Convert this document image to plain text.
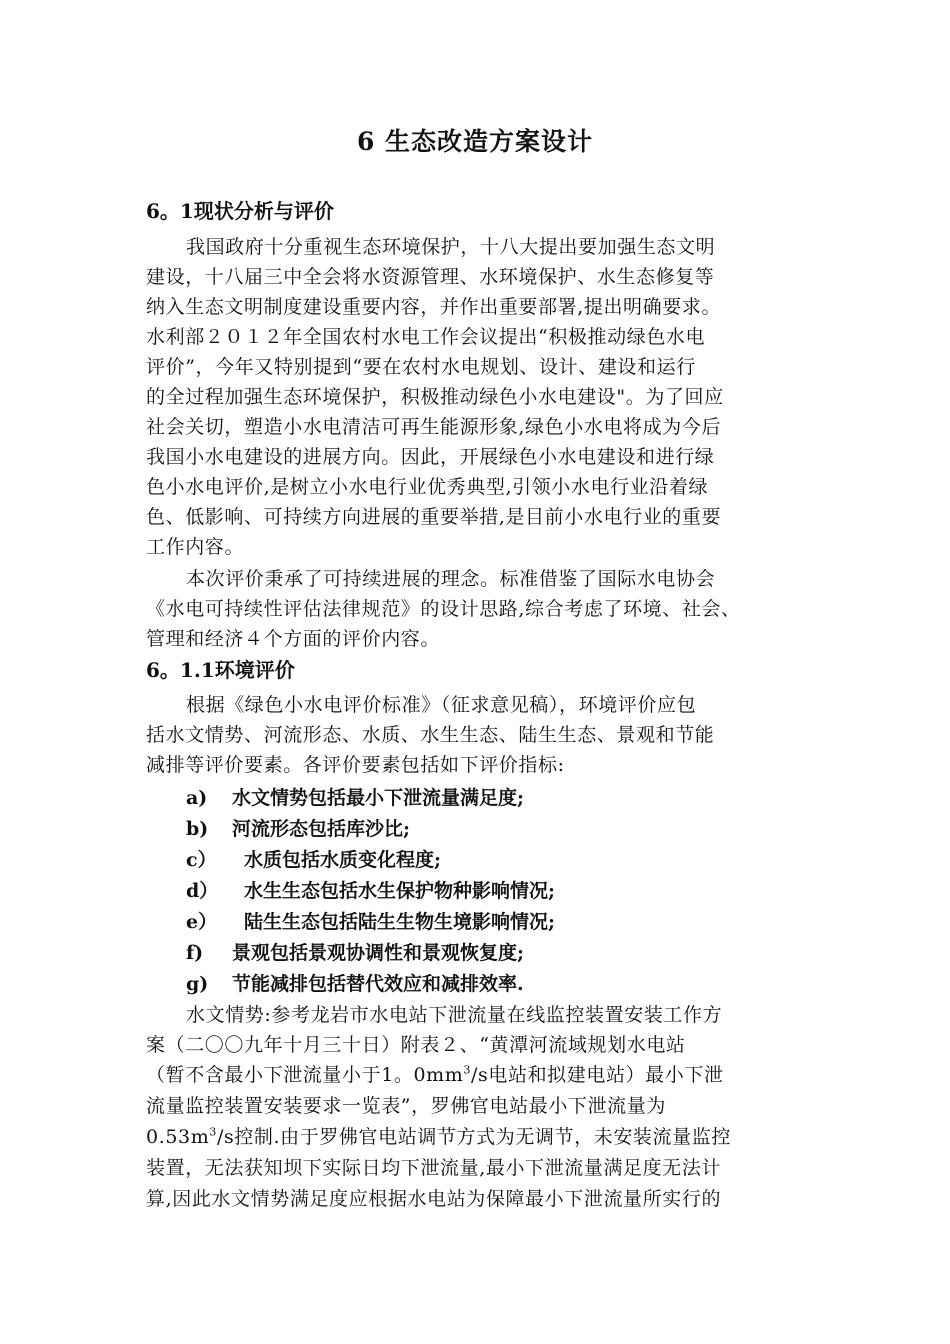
6 生态改造方案设计
6。1现状分析与评价
我国政府十分重视生态环境保护，十八大提出要加强生态文明
建设，十八届三中全会将水资源管理、水环境保护、水生态修复等
纳入生态文明制度建设重要内容，并作出重要部署,提出明确要求。
水利部２０１２年全国农村水电工作会议提出“积极推动绿色水电
评价”，今年又特别提到“要在农村水电规划、设计、建设和运行
的全过程加强生态环境保护，积极推动绿色小水电建设"。为了回应
社会关切，塑造小水电清洁可再生能源形象,绿色小水电将成为今后
我国小水电建设的进展方向。因此，开展绿色小水电建设和进行绿
色小水电评价,是树立小水电行业优秀典型,引领小水电行业沿着绿
色、低影响、可持续方向进展的重要举措,是目前小水电行业的重要
工作内容。
本次评价秉承了可持续进展的理念。标准借鉴了国际水电协会
《水电可持续性评估法律规范》的设计思路,综合考虑了环境、社会、
管理和经济４个方面的评价内容。
6。1.1环境评价
根据《绿色小水电评价标准》（征求意见稿），环境评价应包
括水文情势、河流形态、水质、水生生态、陆生生态、景观和节能
减排等评价要素。各评价要素包括如下评价指标:
a) 水文情势包括最小下泄流量满足度;
b) 河流形态包括库沙比;
c） 水质包括水质变化程度;
d） 水生生态包括水生保护物种影响情况;
e） 陆生生态包括陆生生物生境影响情况;
f) 景观包括景观协调性和景观恢复度;
g) 节能减排包括替代效应和减排效率.
水文情势:参考龙岩市水电站下泄流量在线监控装置安装工作方
案（二〇〇九年十月三十日）附表２、“黄潭河流域规划水电站
（暂不含最小下泄流量小于1。$0mm^3/s$电站和拟建电站）最小下泄
流量监控装置安装要求一览表”，罗佛官电站最小下泄流量为
$0.53m^3/s$控制.由于罗佛官电站调节方式为无调节，未安装流量监控
装置，无法获知坝下实际日均下泄流量,最小下泄流量满足度无法计
算,因此水文情势满足度应根据水电站为保障最小下泄流量所实行的
